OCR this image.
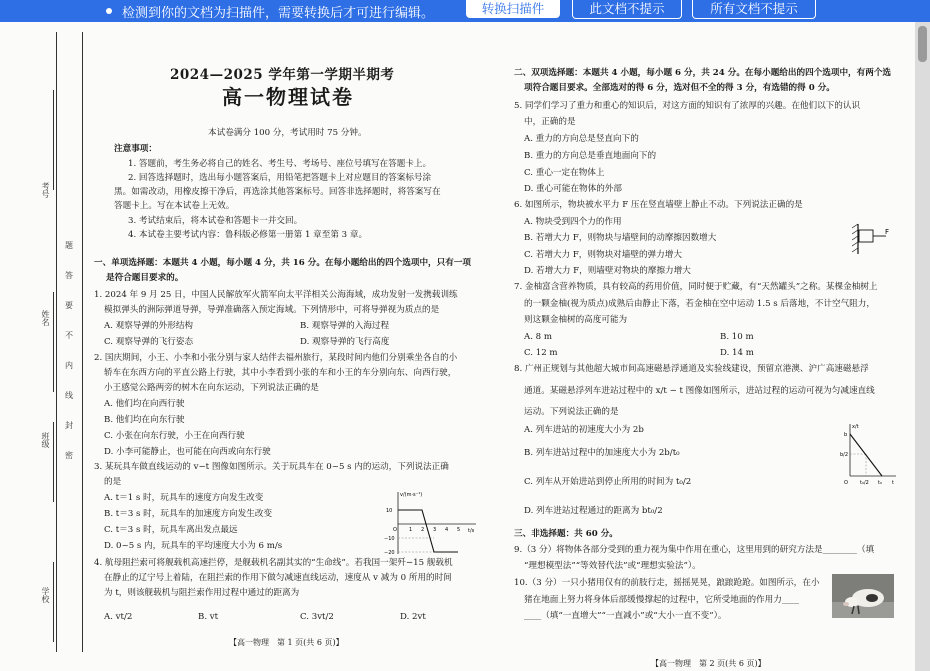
检测到你的文档为扫描件，需要转换后才可进行编辑。	转换扫描件	此文档不提示	所有文档不提示
考号
姓名
班级
学校
题
答
要
不
内
线
封
密
2024—2025 学年第一学期半期考
高一物理试卷
本试卷满分 100 分，考试用时 75 分钟。
注意事项：
1. 答题前，考生务必将自己的姓名、考生号、考场号、座位号填写在答题卡上。
2. 回答选择题时，选出每小题答案后，用铅笔把答题卡上对应题目的答案标号涂
黑。如需改动，用橡皮擦干净后，再选涂其他答案标号。回答非选择题时，将答案写在
答题卡上。写在本试卷上无效。
3. 考试结束后，将本试卷和答题卡一并交回。
4. 本试卷主要考试内容：鲁科版必修第一册第 1 章至第 3 章。
一、单项选择题：本题共 4 小题，每小题 4 分，共 16 分。在每小题给出的四个选项中，只有一项
是符合题目要求的。
1. 2024 年 9 月 25 日，中国人民解放军火箭军向太平洋相关公海海域，成功发射一发携载训练
模拟弹头的洲际弹道导弹，导弹准确落入预定海域。下列情形中，可将导弹视为质点的是
A. 观察导弹的外形结构	B. 观察导弹的入海过程
C. 观察导弹的飞行姿态	D. 观察导弹的飞行高度
2. 国庆期间，小王、小李和小张分别与家人结伴去福州旅行，某段时间内他们分别乘坐各自的小
轿车在东西方向的平直公路上行驶，其中小李看到小张的车和小王的车分别向东、向西行驶，
小王感觉公路两旁的树木在向东运动，下列说法正确的是
A. 他们均在向西行驶
B. 他们均在向东行驶
C. 小张在向东行驶，小王在向西行驶
D. 小李可能静止，也可能在向西或向东行驶
3. 某玩具车做直线运动的 v−t 图像如图所示。关于玩具车在 0~5 s 内的运动，下列说法正确
的是
A. t＝1 s 时，玩具车的速度方向发生改变
B. t＝3 s 时，玩具车的加速度方向发生改变
C. t＝3 s 时，玩具车离出发点最远
D. 0~5 s 内，玩具车的平均速度大小为 6 m/s
v/(m·s⁻¹)
t/s
10
−10
−20
O 1 2 3 4 5
4. 航母阻拦索可将舰载机高速拦停，是舰载机名副其实的“生命线”。若我国一架歼−15 舰载机
在静止的辽宁号上着陆，在阻拦索的作用下做匀减速直线运动，速度从 v 减为 0 所用的时间
为 t，则该舰载机与阻拦索作用过程中通过的距离为
A. vt/2	B. vt	C. 3vt/2	D. 2vt
【高一物理　第 1 页(共 6 页)】
二、双项选择题：本题共 4 小题，每小题 6 分，共 24 分。在每小题给出的四个选项中，有两个选
项符合题目要求。全部选对的得 6 分，选对但不全的得 3 分，有选错的得 0 分。
5. 同学们学习了重力和重心的知识后，对这方面的知识有了浓厚的兴趣。在他们以下的认识
中，正确的是
A. 重力的方向总是竖直向下的
B. 重力的方向总是垂直地面向下的
C. 重心一定在物体上
D. 重心可能在物体的外部
6. 如图所示，物块被水平力 F 压在竖直墙壁上静止不动。下列说法正确的是
A. 物块受到四个力的作用
B. 若增大力 F，则物块与墙壁间的动摩擦因数增大
C. 若增大力 F，则物块对墙壁的弹力增大
D. 若增大力 F，则墙壁对物块的摩擦力增大
F
7. 金柚富含营养物质，具有较高的药用价值，同时便于贮藏，有“天然罐头”之称。某棵金柚树上
的一颗金柚(视为质点)成熟后由静止下落，若金柚在空中运动 1.5 s 后落地，不计空气阻力，
则这颗金柚树的高度可能为
A. 8 m	B. 10 m
C. 12 m	D. 14 m
8. 广州正规划与其他超大城市间高速磁悬浮通道及实验线建设，预留京港澳、沪广高速磁悬浮
通道。某磁悬浮列车进站过程中的 x/t − t 图像如图所示，进站过程的运动可视为匀减速直线
运动。下列说法正确的是
A. 列车进站的初速度大小为 2b
B. 列车进站过程中的加速度大小为 2b/t₀
C. 列车从开始进站到停止所用的时间为 t₀/2
D. 列车进站过程通过的距离为 bt₀/2
x/t
t
b
b/2
O t₀/2 t₀
三、非选择题：共 60 分。
9.（3 分）将物体各部分受到的重力视为集中作用在重心，这里用到的研究方法是________（填
“理想模型法”“等效替代法”或“理想实验法”）。
10.（3 分）一只小猪用仅有的前肢行走，摇摇晃晃，踉踉跄跄。如图所示，在小
猪在地面上努力将身体后部缓慢撑起的过程中，它所受地面的作用力____
____（填“一直增大”“一直减小”或“大小一直不变”）。
【高一物理　第 2 页(共 6 页)】
